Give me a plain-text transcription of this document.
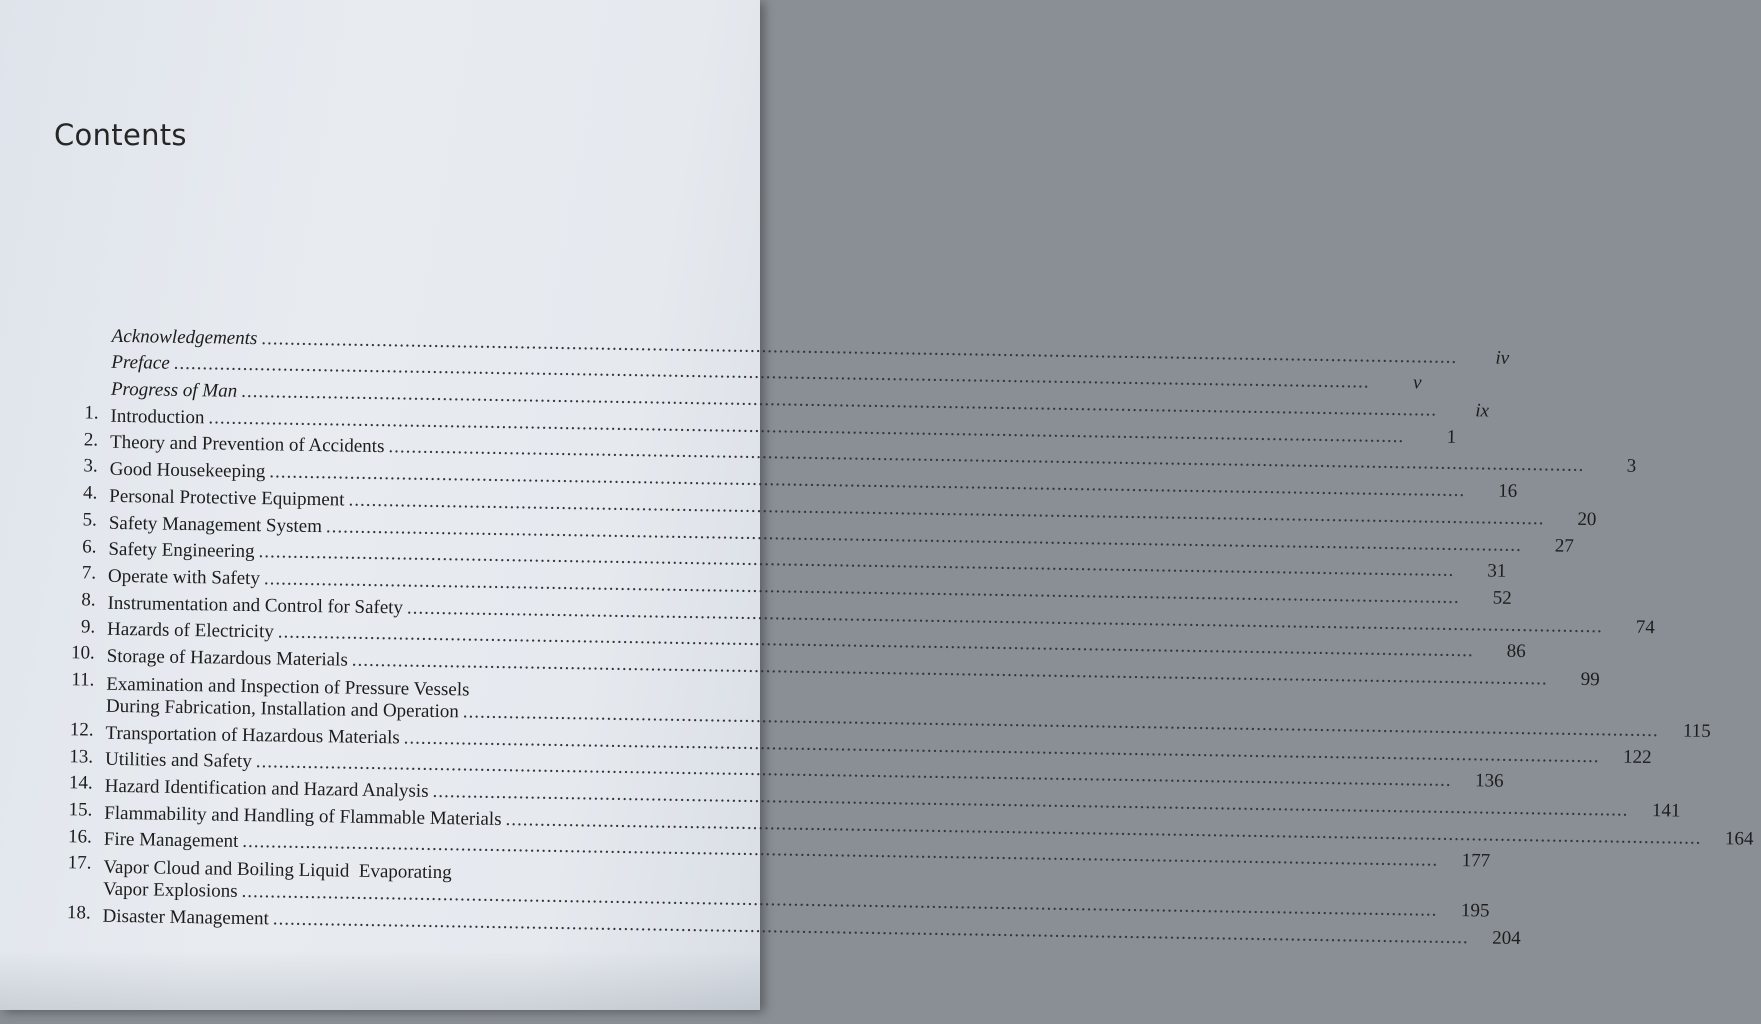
Contents
Acknowledgements
.....
iv
Preface
.....
v
Progress of Man
.....
ix
1. Introduction
.....
1
2. Theory and Prevention of Accidents
.....
3
3. Good Housekeeping
.....
16
4. Personal Protective Equipment
.....
20
5. Safety Management System
.....
27
6. Safety Engineering
.....
31
7. Operate with Safety
.....
52
8. Instrumentation and Control for Safety
.....
74
9. Hazards of Electricity
.....
86
10. Storage of Hazardous Materials
.....
99
11. Examination and Inspection of Pressure Vessels
During Fabrication, Installation and Operation
.....
115
12. Transportation of Hazardous Materials
.....
122
13. Utilities and Safety
.....
136
14. Hazard Identification and Hazard Analysis
.....
141
15. Flammability and Handling of Flammable Materials
.....
164
16. Fire Management
.....
177
17. Vapor Cloud and Boiling Liquid  Evaporating
Vapor Explosions
.....
195
18. Disaster Management
.....
204
